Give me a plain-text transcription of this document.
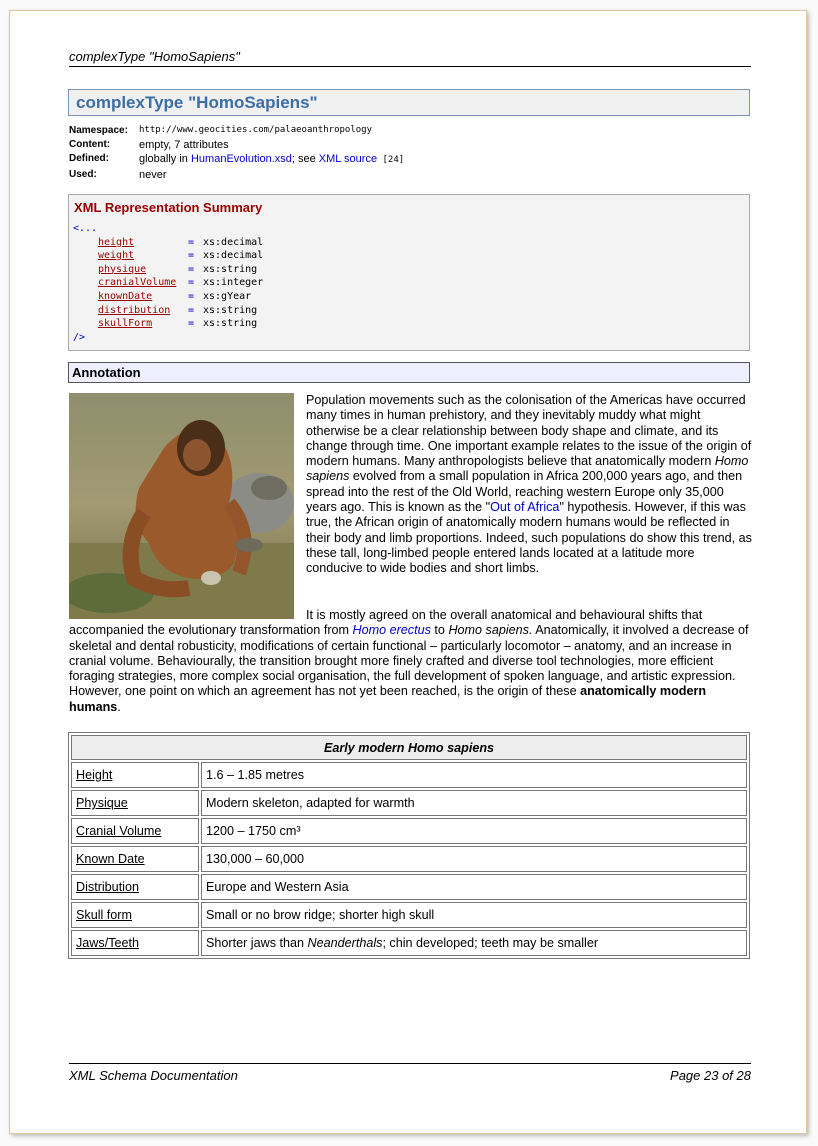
complexType "HomoSapiens"
complexType "HomoSapiens"
Namespace: http://www.geocities.com/palaeoanthropology
Content:	empty, 7 attributes
Defined:	globally in HumanEvolution.xsd; see XML source [24]
Used:	never
XML Representation Summary
<...
height	= xs:decimal
weight	= xs:decimal
physique	= xs:string
cranialVolume = xs:integer
knownDate	= xs:gYear
distribution = xs:string
skullForm	= xs:string
/>
Annotation
Population movements such as the colonisation of the Americas have occurred many times in human prehistory, and they inevitably muddy what might otherwise be a clear relationship between body shape and climate, and its change through time. One important example relates to the issue of the origin of modern humans. Many anthropologists believe that anatomically modern Homo sapiens evolved from a small population in Africa 200,000 years ago, and then spread into the rest of the Old World, reaching western Europe only 35,000 years ago. This is known as the "Out of Africa" hypothesis. However, if this was true, the African origin of anatomically modern humans would be reflected in their body and limb proportions. Indeed, such populations do show this trend, as these tall, long-limbed people entered lands located at a latitude more conducive to wide bodies and short limbs.
It is mostly agreed on the overall anatomical and behavioural shifts that accompanied the evolutionary transformation from Homo erectus to Homo sapiens. Anatomically, it involved a decrease of skeletal and dental robusticity, modifications of certain functional – particularly locomotor – anatomy, and an increase in cranial volume. Behaviourally, the transition brought more finely crafted and diverse tool technologies, more efficient foraging strategies, more complex social organisation, the full development of spoken language, and artistic expression. However, one point on which an agreement has not yet been reached, is the origin of these anatomically modern humans.
Early modern Homo sapiens	
Height	1.6 – 1.85 metres
Physique	Modern skeleton, adapted for warmth
Cranial Volume	1200 – 1750 cm³
Known Date	130,000 – 60,000
Distribution	Europe and Western Asia
Skull form	Small or no brow ridge; shorter high skull
Jaws/Teeth	Shorter jaws than Neanderthals; chin developed; teeth may be smaller
XML Schema Documentation	Page 23 of 28
